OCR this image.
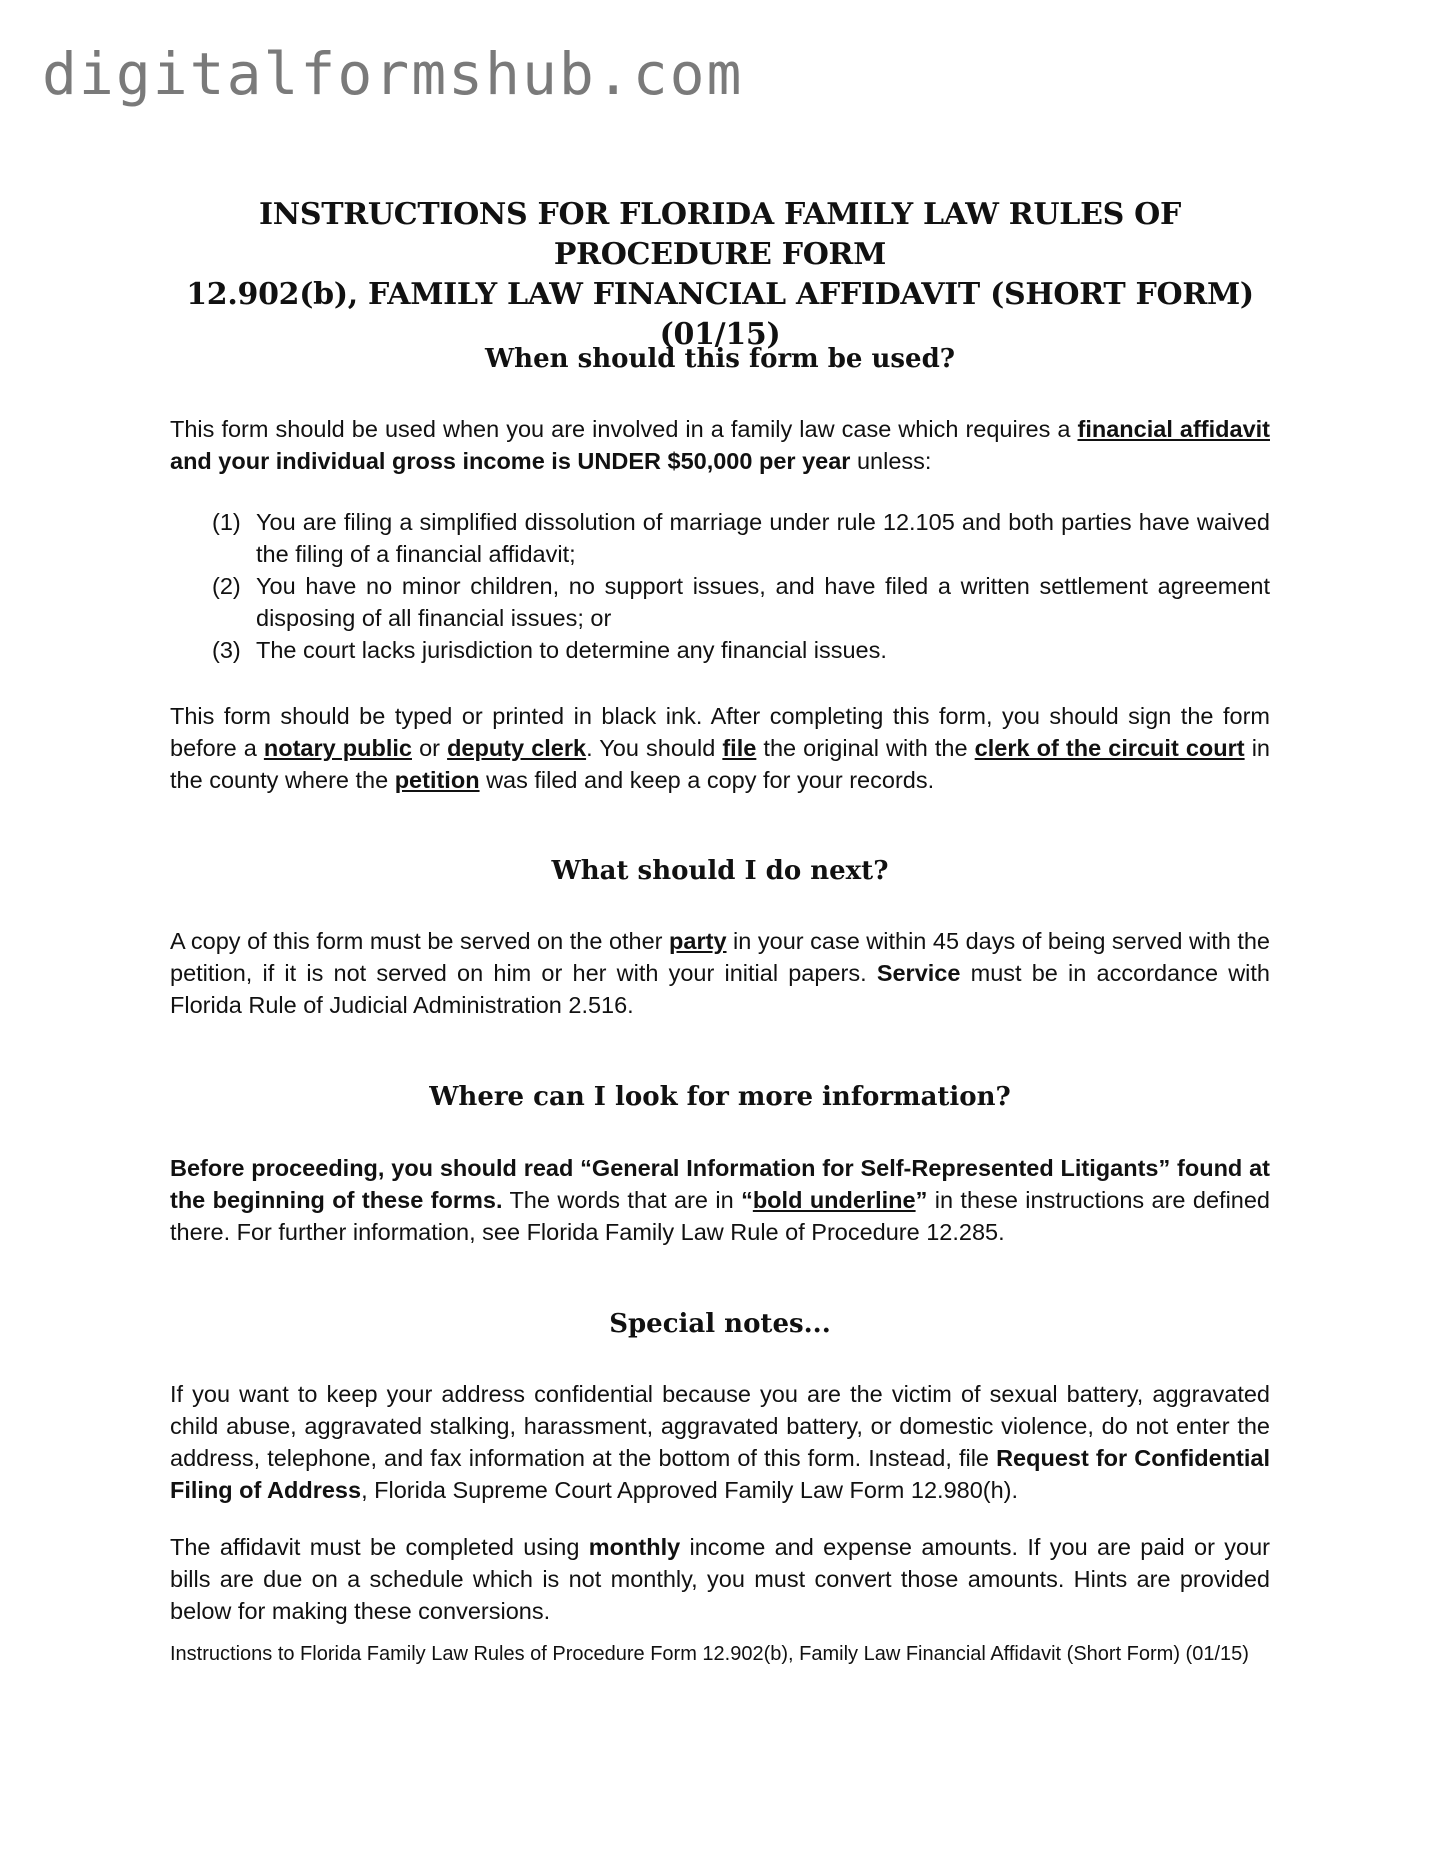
digitalformshub.com
INSTRUCTIONS FOR FLORIDA FAMILY LAW RULES OF PROCEDURE FORM
12.902(b), FAMILY LAW FINANCIAL AFFIDAVIT (SHORT FORM) (01/15)
When should this form be used?

This form should be used when you are involved in a family law case which requires a financial affidavit and your individual gross income is UNDER $50,000 per year unless:

(1) You are filing a simplified dissolution of marriage under rule 12.105 and both parties have waived the filing of a financial affidavit;
(2) You have no minor children, no support issues, and have filed a written settlement agreement disposing of all financial issues; or
(3) The court lacks jurisdiction to determine any financial issues.

This form should be typed or printed in black ink. After completing this form, you should sign the form before a notary public or deputy clerk. You should file the original with the clerk of the circuit court in the county where the petition was filed and keep a copy for your records.

What should I do next?

A copy of this form must be served on the other party in your case within 45 days of being served with the petition, if it is not served on him or her with your initial papers. Service must be in accordance with Florida Rule of Judicial Administration 2.516.

Where can I look for more information?

Before proceeding, you should read “General Information for Self-Represented Litigants” found at the beginning of these forms. The words that are in “bold underline” in these instructions are defined there. For further information, see Florida Family Law Rule of Procedure 12.285.

Special notes...

If you want to keep your address confidential because you are the victim of sexual battery, aggravated child abuse, aggravated stalking, harassment, aggravated battery, or domestic violence, do not enter the address, telephone, and fax information at the bottom of this form. Instead, file Request for Confidential Filing of Address, Florida Supreme Court Approved Family Law Form 12.980(h).

The affidavit must be completed using monthly income and expense amounts. If you are paid or your bills are due on a schedule which is not monthly, you must convert those amounts. Hints are provided below for making these conversions.

Instructions to Florida Family Law Rules of Procedure Form 12.902(b), Family Law Financial Affidavit (Short Form) (01/15)
